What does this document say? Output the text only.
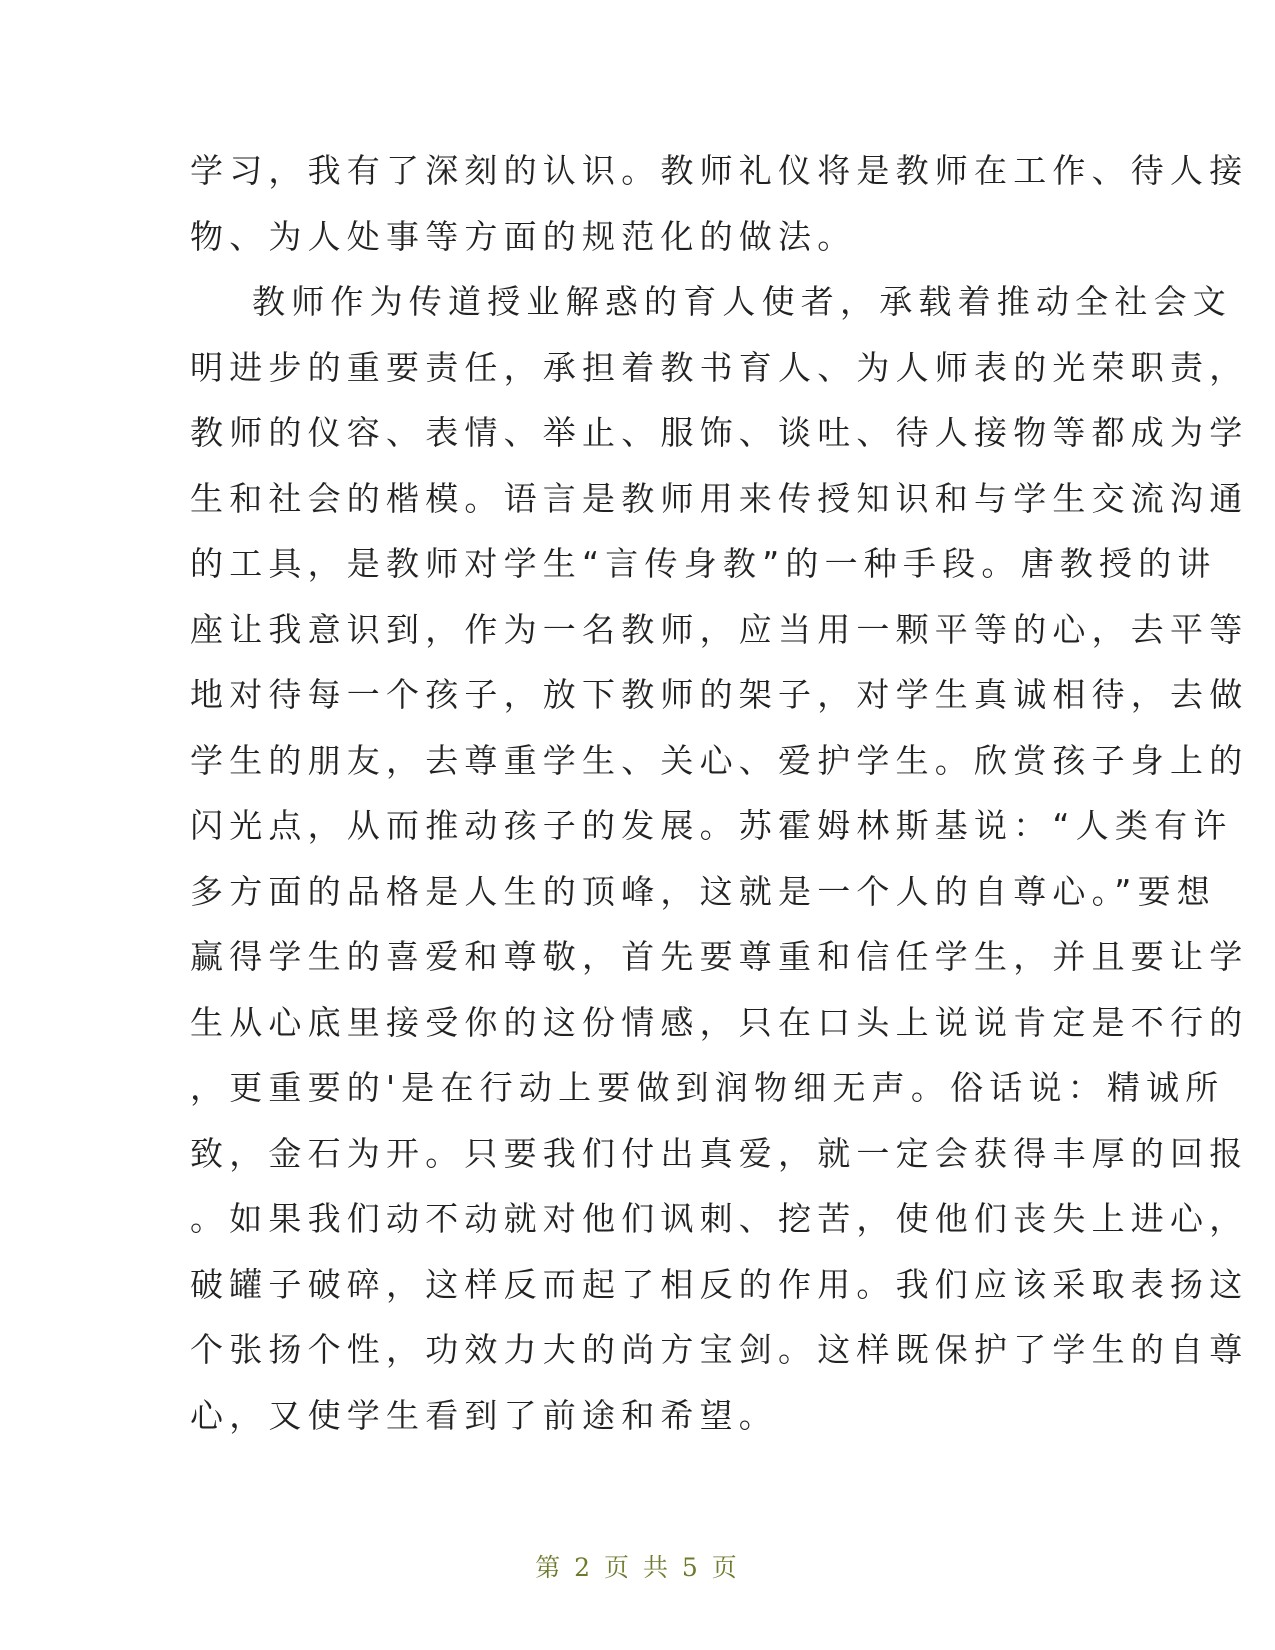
学习，我有了深刻的认识。教师礼仪将是教师在工作、待人接
物、为人处事等方面的规范化的做法。
教师作为传道授业解惑的育人使者，承载着推动全社会文
明进步的重要责任，承担着教书育人、为人师表的光荣职责，
教师的仪容、表情、举止、服饰、谈吐、待人接物等都成为学
生和社会的楷模。语言是教师用来传授知识和与学生交流沟通
的工具，是教师对学生“言传身教”的一种手段。唐教授的讲
座让我意识到，作为一名教师，应当用一颗平等的心，去平等
地对待每一个孩子，放下教师的架子，对学生真诚相待，去做
学生的朋友，去尊重学生、关心、爱护学生。欣赏孩子身上的
闪光点，从而推动孩子的发展。苏霍姆林斯基说：“人类有许
多方面的品格是人生的顶峰，这就是一个人的自尊心。”要想
赢得学生的喜爱和尊敬，首先要尊重和信任学生，并且要让学
生从心底里接受你的这份情感，只在口头上说说肯定是不行的
，更重要的'是在行动上要做到润物细无声。俗话说：精诚所
致，金石为开。只要我们付出真爱，就一定会获得丰厚的回报
。如果我们动不动就对他们讽刺、挖苦，使他们丧失上进心，
破罐子破碎，这样反而起了相反的作用。我们应该采取表扬这
个张扬个性，功效力大的尚方宝剑。这样既保护了学生的自尊
心，又使学生看到了前途和希望。
第 2 页 共 5 页
